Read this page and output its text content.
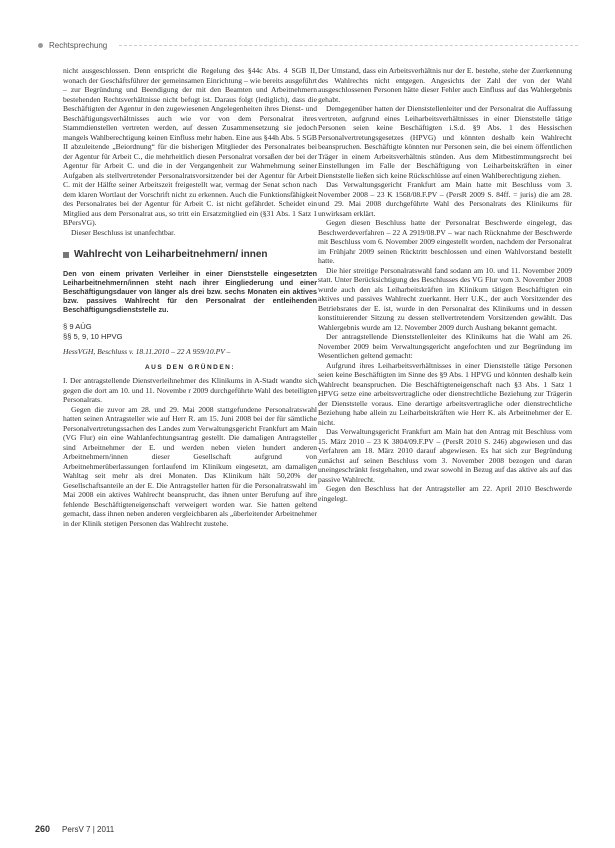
Rechtsprechung

nicht ausgeschlossen. Denn entspricht die Regelung des §44c Abs. 4 SGB II, wonach der Geschäftsführer der gemeinsamen Einrichtung – wie bereits ausgeführt – zur Begründung und Beendigung der mit den Beamten und Arbeitnehmern bestehenden Rechtsverhältnisse nicht befugt ist. Daraus folgt (lediglich), dass die Beschäftigten der Agentur in den zugewiesenen Angelegenheiten ihres Dienst- und Beschäftigungsverhältnisses auch wie vor von dem Personalrat ihres Stammdienstellen vertreten werden, auf dessen Zusammensetzung sie jedoch mangels Wahlberechtigung keinen Einfluss mehr haben. Eine aus §44h Abs. 5 SGB II abzuleitende „Beiordnung“ für die bisherigen Mitglieder des Personalrates bei der Agentur für Arbeit C., die mehrheitlich diesen Personalrat vorsaßen der bei der Agentur für Arbeit C. und die in der Vergangenheit zur Wahrnehmung seiner Aufgaben als stellvertretender Personalratsvorsitzender bei der Agentur für Arbeit C. mit der Hälfte seiner Arbeitszeit freigestellt war, vermag der Senat schon nach dem klaren Wortlaut der Vorschrift nicht zu erkennen. Auch die Funktionsfähigkeit des Personalrates bei der Agentur für Arbeit C. ist nicht gefährdet. Scheidet ein Mitglied aus dem Personalrat aus, so tritt ein Ersatzmitglied ein (§31 Abs. 1 Satz 1 BPersVG).

Dieser Beschluss ist unanfechtbar.

Wahlrecht von Leiharbeitnehmern/ innen
Den von einem privaten Verleiher in einer Dienststelle eingesetzten Leiharbeitnehmern/innen steht nach ihrer Eingliederung und einer Beschäftigungsdauer von länger als drei bzw. sechs Monaten ein aktives bzw. passives Wahlrecht für den Personalrat der entleihenden Beschäftigungsdienststelle zu.
§ 9 AÜG
§§ 5, 9, 10 HPVG
HessVGH, Beschluss v. 18.11.2010 – 22 A 959/10.PV –
AUS DEN GRÜNDEN:

I. Der antragstellende Dienstverleihnehmer des Klinikums in A-Stadt wandte sich gegen die dort am 10. und 11. Novembe r 2009 durchgeführte Wahl des beteiligten Personalrats.

Gegen die zuvor am 28. und 29. Mai 2008 stattgefundene Personalratswahl hatten seinen Antragsteller wie auf Herr R. am 15. Juni 2008 bei der für sämtliche Personalvertretungssachen des Landes zum Verwaltungsgericht Frankfurt am Main (VG Flur) ein eine Wahlanfechtungsantrag gestellt. Die damaligen Antragsteller sind Arbeitnehmer der E. und werden neben vielen hundert anderen Arbeitnehmern/innen dieser Gesellschaft aufgrund von Arbeitnehmerüberlassungen fortlaufend im Klinikum eingesetzt, am damaligen Wahltag seit mehr als drei Monaten. Das Klinikum hält 50,20% der Gesellschaftsanteile an der E. Die Antragsteller hatten für die Personalratswahl im Mai 2008 ein aktives Wahlrecht beansprucht, das ihnen unter Berufung auf ihre fehlende Beschäftigteneigenschaft verweigert worden war. Sie hatten geltend gemacht, dass ihnen neben anderen vergleichbaren als „überleitender Arbeitnehmer in der Klinik stetigen Personen das Wahlrecht zustehe.

Der Umstand, dass ein Arbeitsverhältnis nur der E. bestehe, stehe der Zuerkennung des Wahlrechts nicht entgegen. Angesichts der Zahl der von der Wahl ausgeschlossenen Personen hätte dieser Fehler auch Einfluss auf das Wahlergebnis gehabt.

Demgegenüber hatten der Dienststellenleiter und der Personalrat die Auffassung vertreten, aufgrund eines Leiharbeitsverhältnisses in einer Dienststelle tätige Personen seien keine Beschäftigten i.S.d. §9 Abs. 1 des Hessischen Personalvertretungsgesetzes (HPVG) und könnten deshalb kein Wahlrecht beanspruchen. Beschäftigte könnten nur Personen sein, die bei einem öffentlichen Träger in einem Arbeitsverhältnis stünden. Aus dem Mitbestimmungsrecht bei Einstellungen im Falle der Beschäftigung von Leiharbeitskräften in einer Dienststelle ließen sich keine Rückschlüsse auf einen Wahlberechtigung ziehen.

Das Verwaltungsgericht Frankfurt am Main hatte mit Beschluss vom 3. November 2008 – 23 K 1568/08.F.PV – (PersR 2009 S. 84ff. = juris) die am 28. und 29. Mai 2008 durchgeführte Wahl des Personalrats des Klinikums für unwirksam erklärt.

Gegen diesen Beschluss hatte der Personalrat Beschwerde eingelegt, das Beschwerdeverfahren – 22 A 2919/08.PV – war nach Rücknahme der Beschwerde mit Beschluss vom 6. November 2009 eingestellt worden, nachdem der Personalrat im Frühjahr 2009 seinen Rücktritt beschlossen und einen Wahlvorstand bestellt hatte.

Die hier streitige Personalratswahl fand sodann am 10. und 11. November 2009 statt. Unter Berücksichtigung des Beschlusses des VG Flur vom 3. November 2008 wurde auch den als Leiharbeitskräften im Klinikum tätigen Beschäftigten ein aktives und passives Wahlrecht zuerkannt. Herr U.K., der auch Vorsitzender des Betriebsrates der E. ist, wurde in den Personalrat des Klinikums und in dessen konstituierender Sitzung zu dessen stellvertretendem Vorsitzenden gewählt. Das Wahlergebnis wurde am 12. November 2009 durch Aushang bekannt gemacht.

Der antragstellende Dienststellenleiter des Klinikums hat die Wahl am 26. November 2009 beim Verwaltungsgericht angefochten und zur Begründung im Wesentlichen geltend gemacht:

Aufgrund ihres Leiharbeitsverhältnisses in einer Dienststelle tätige Personen seien keine Beschäftigten im Sinne des §9 Abs. 1 HPVG und könnten deshalb kein Wahlrecht beanspruchen. Die Beschäftigteneigenschaft nach §3 Abs. 1 Satz 1 HPVG setze eine arbeitsvertragliche oder dienstrechtliche Beziehung zur Trägerin der Dienststelle voraus. Eine derartige arbeitsvertragliche oder dienstrechtliche Beziehung habe allein zu Leiharbeitskräften wie Herr K. als Arbeitnehmer der E. nicht.

Das Verwaltungsgericht Frankfurt am Main hat den Antrag mit Beschluss vom 15. März 2010 – 23 K 3804/09.F.PV – (PersR 2010 S. 246) abgewiesen und das Verfahren am 18. März 2010 darauf abgewiesen. Es hat sich zur Begründung zunächst auf seinen Beschluss vom 3. November 2008 bezogen und daran uneingeschränkt festgehalten, und zwar sowohl in Bezug auf das aktive als auf das passive Wahlrecht.

Gegen den Beschluss hat der Antragsteller am 22. April 2010 Beschwerde eingelegt.

260 PersV 7 | 2011
